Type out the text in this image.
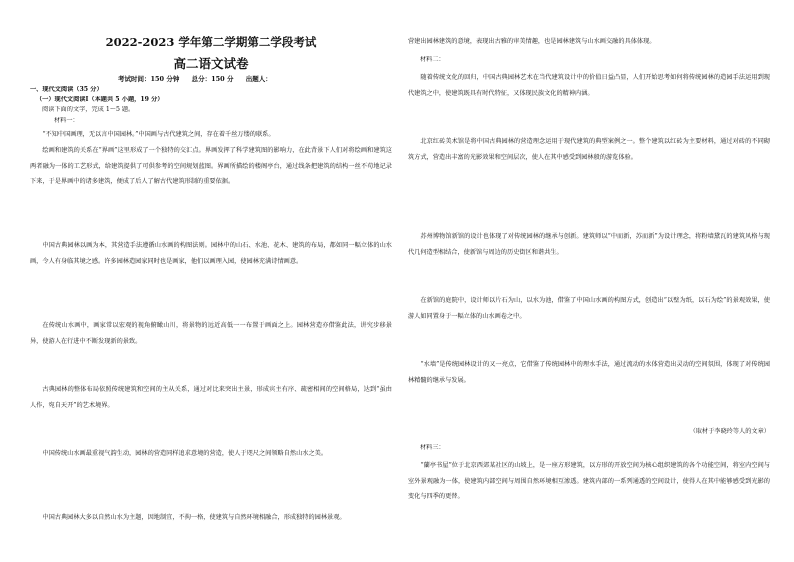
2022-2023 学年第二学期第二学段考试
高二语文试卷
考试时间：150 分钟 总分：150 分 出题人：
一、现代文阅读（35 分）
（一）现代文阅读Ⅰ（本题共 5 小题，19 分）
阅读下面的文字，完成 1～5 题。
材料一：
“不知中国画理，无以言中国园林。”中国画与古代建筑之间，存在着千丝万缕的联系。
绘画和建筑的关系在“界画”这里形成了一个独特的交汇点。界画发挥了科学建筑图的影响力，在此背景下人们对将绘画和建筑这两者融为一体的工艺形式，给建筑提供了可供参考的空间规划蓝图。界画所描绘的楼阁亭台，通过线条把建筑的结构一丝不苟地记录下来，于是界画中的诸多建筑，便成了后人了解古代建筑形制的重要依据。
中国古典园林以画为本，其营造手法遵循山水画的构图法则。园林中的山石、水池、花木、建筑的布局，都如同一幅立体的山水画，令人有身临其境之感。许多园林造园家同时也是画家，他们以画理入园，使园林充满诗情画意。
在传统山水画中，画家常以宏观的视角俯瞰山川，将景物的远近高低一一布置于画面之上。园林营造亦借鉴此法，讲究步移景异，使游人在行进中不断发现新的景致。
古典园林的整体布局依照传统建筑和空间的主从关系，通过对比来突出主景，形成宾主有序、疏密相间的空间格局，达到“虽由人作，宛自天开”的艺术境界。
中国传统山水画最重视气韵生动，园林的营造同样追求意境的营造，使人于咫尺之间领略自然山水之美。
中国古典园林大多以自然山水为主题，因地制宜，不拘一格，使建筑与自然环境相融合，形成独特的园林景观。
营建出园林建筑的意境，表现出古雅的审美情趣，也是园林建筑与山水画交融的具体体现。
材料二：
随着传统文化的回归，中国古典园林艺术在当代建筑设计中的价值日益凸显，人们开始思考如何将传统园林的造园手法运用到现代建筑之中，使建筑既具有时代特征，又体现民族文化的精神内涵。
北京红砖美术馆是将中国古典园林的营造理念运用于现代建筑的典型案例之一。整个建筑以红砖为主要材料，通过对砖的不同砌筑方式，营造出丰富的光影效果和空间层次，使人在其中感受到园林般的游览体验。
苏州博物馆新馆的设计也体现了对传统园林的继承与创新。建筑师以“中而新，苏而新”为设计理念，将粉墙黛瓦的建筑风格与现代几何造型相结合，使新馆与周边的历史街区和谐共生。
在新馆的庭院中，设计师以片石为山，以水为池，借鉴了中国山水画的构图方式，创造出“以壁为纸，以石为绘”的景观效果，使游人如同置身于一幅立体的山水画卷之中。
“水墙”是传统园林设计的又一亮点，它借鉴了传统园林中的理水手法，通过流动的水体营造出灵动的空间氛围，体现了对传统园林精髓的继承与发展。
（取材于李晓玲等人的文章）
材料三：
“蘭亭书屋”位于北京西郊某社区的山坡上，是一座方形建筑，以方形的开放空间为核心组织建筑的各个功能空间，将室内空间与室外景观融为一体，使建筑内部空间与周围自然环境相互渗透。建筑内部的一系列通透的空间设计，使得人在其中能够感受到光影的变化与四季的更替。
